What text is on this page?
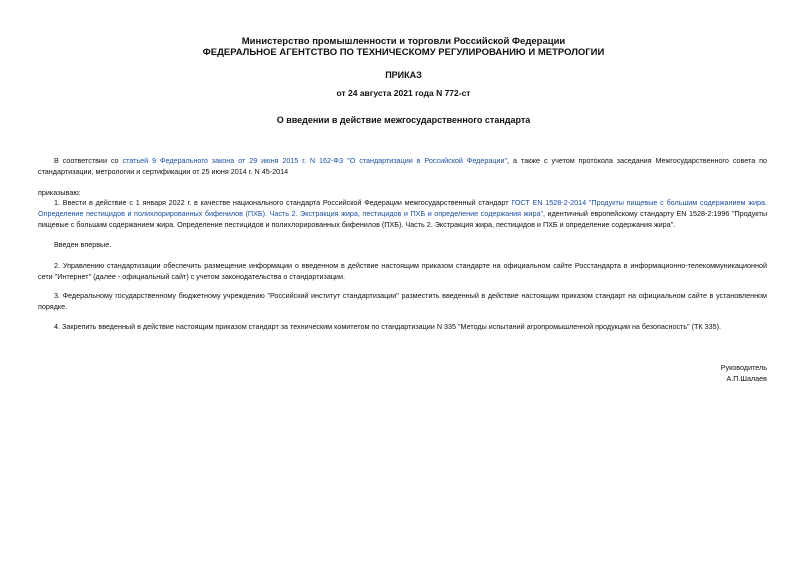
Министерство промышленности и торговли Российской Федерации
ФЕДЕРАЛЬНОЕ АГЕНТСТВО ПО ТЕХНИЧЕСКОМУ РЕГУЛИРОВАНИЮ И МЕТРОЛОГИИ
ПРИКАЗ
от 24 августа 2021 года N 772-ст
О введении в действие межгосударственного стандарта
В соответствии со статьей 9 Федерального закона от 29 июня 2015 г. N 162-ФЗ "О стандартизации в Российской Федерации", а также с учетом протокола заседания Межгосударственного совета по стандартизации, метрологии и сертификации от 25 июня 2014 г. N 45-2014
приказываю:
1. Ввести в действие с 1 января 2022 г. в качестве национального стандарта Российской Федерации межгосударственный стандарт ГОСТ EN 1528-2-2014 "Продукты пищевые с большим содержанием жира. Определение пестицидов и полихлорированных бифенилов (ПХБ). Часть 2. Экстракция жира, пестицидов и ПХБ и определение содержания жира", идентичный европейскому стандарту EN 1528-2:1996 "Продукты пищевые с большим содержанием жира. Определение пестицидов и полихлорированных бифенилов (ПХБ). Часть 2. Экстракция жира, пестицидов и ПХБ и определение содержания жира".
Введен впервые.
2. Управлению стандартизации обеспечить размещение информации о введенном в действие настоящим приказом стандарте на официальном сайте Росстандарта в информационно-телекоммуникационной сети "Интернет" (далее - официальный сайт) с учетом законодательства о стандартизации.
3. Федеральному государственному бюджетному учреждению "Российский институт стандартизации" разместить введенный в действие настоящим приказом стандарт на официальном сайте в установленном порядке.
4. Закрепить введенный в действие настоящим приказом стандарт за техническим комитетом по стандартизации N 335 "Методы испытаний агропромышленной продукции на безопасность" (ТК 335).
Руководитель
А.П.Шалаев
